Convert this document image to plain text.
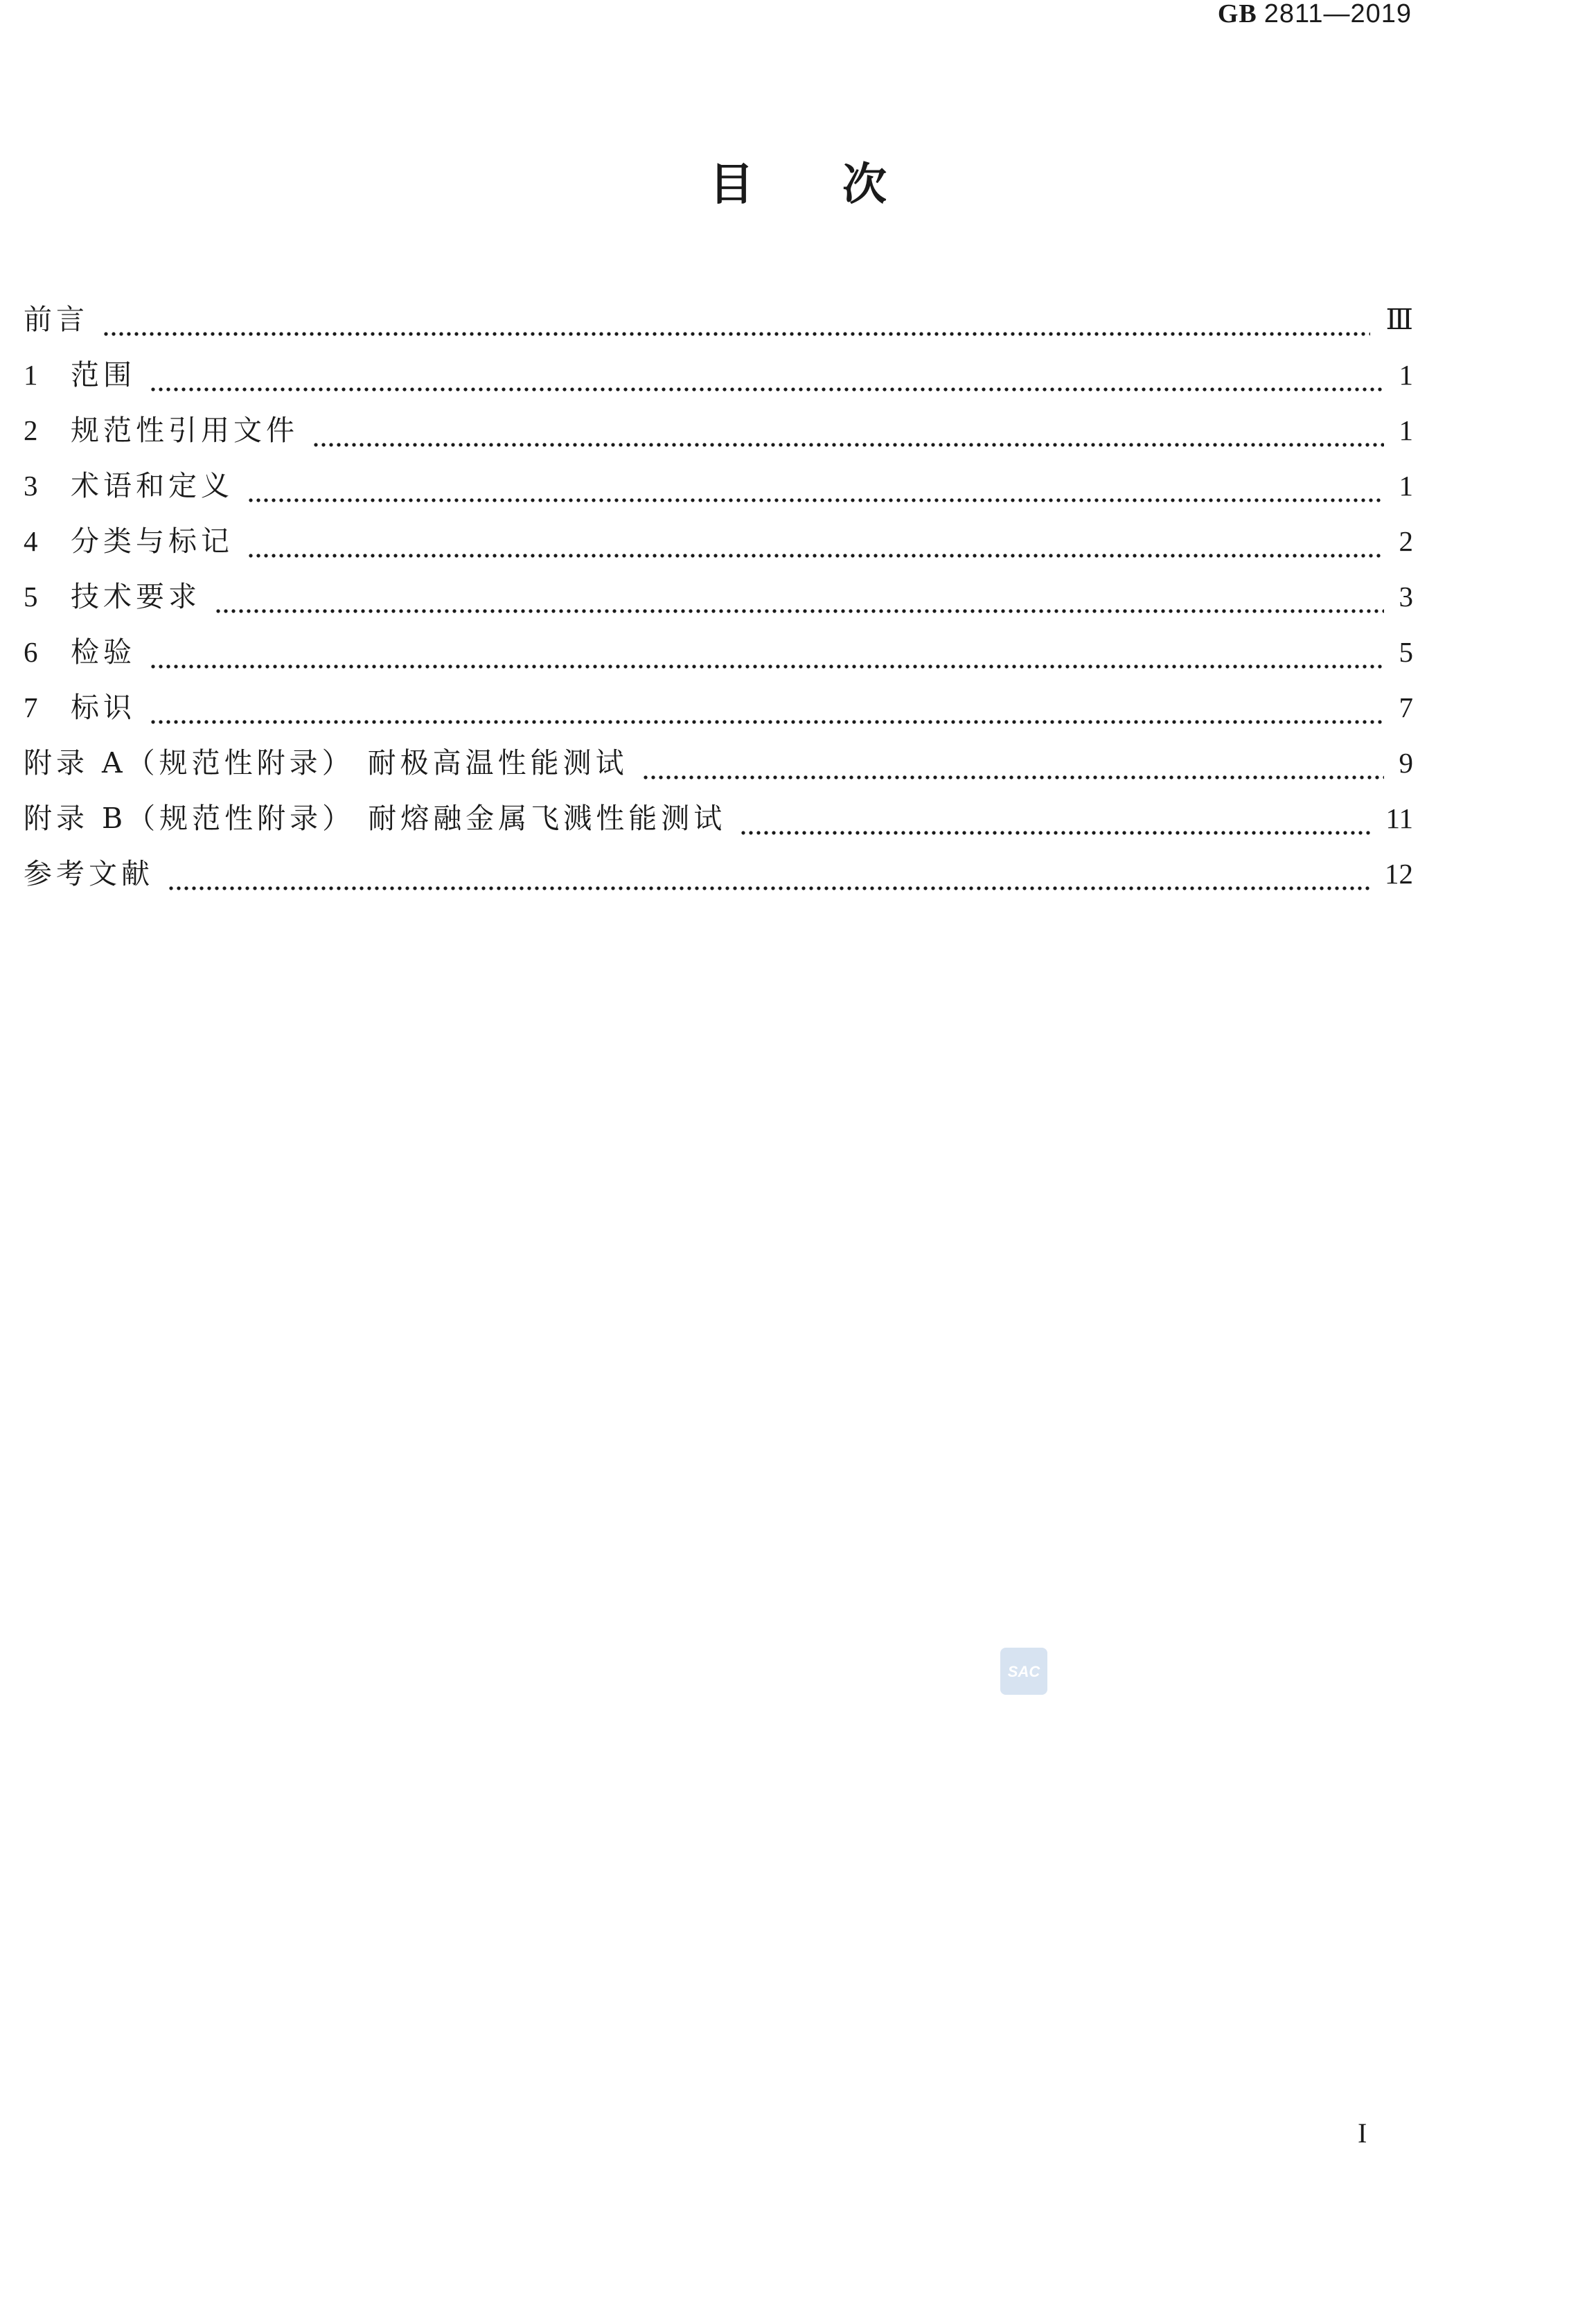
GB 2811—2019
目次
前言	Ⅲ
1	范围	1
2	规范性引用文件	1
3	术语和定义	1
4	分类与标记	2
5	技术要求	3
6	检验	5
7	标识	7
附录 A（规范性附录） 耐极高温性能测试	9
附录 B（规范性附录） 耐熔融金属飞溅性能测试	11
参考文献	12
SAC
I
